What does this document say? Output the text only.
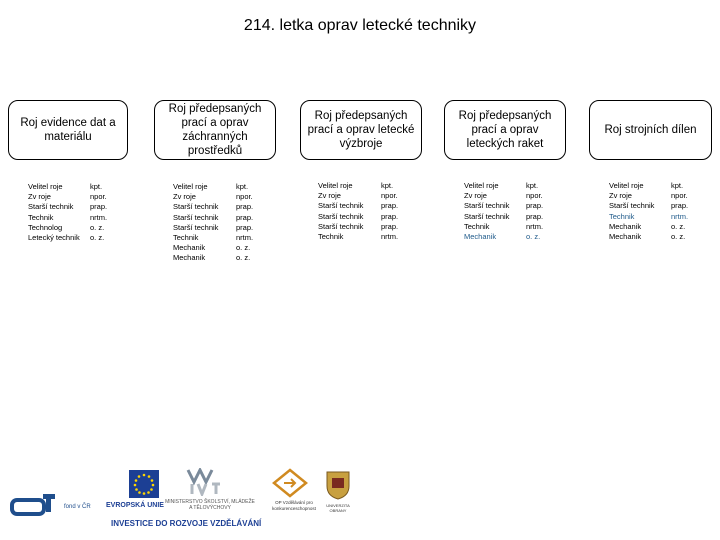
214. letka oprav letecké techniky
Roj evidence dat a materiálu
Roj předepsaných prací a oprav záchranných prostředků
Roj předepsaných prací a oprav letecké výzbroje
Roj předepsaných prací a oprav leteckých raket
Roj strojních dílen
Velitel roje
Zv roje
Starší technik
Technik
Technolog
Letecký technik
kpt.
npor.
prap.
nrtm.
o. z.
o. z.
Velitel roje
Zv roje
Starší technik
Starší technik
Starší technik
Technik
Mechanik
Mechanik
kpt.
npor.
prap.
prap.
prap.
nrtm.
o. z.
o. z.
Velitel roje
Zv roje
Starší technik
Starší technik
Starší technik
Technik
kpt.
npor.
prap.
prap.
prap.
nrtm.
Velitel roje
Zv roje
Starší technik
Starší technik
Technik
Mechanik
kpt.
npor.
prap.
prap.
nrtm.
o. z.
Velitel roje
Zv roje
Starší technik
Technik
Mechanik
Mechanik
kpt.
npor.
prap.
nrtm.
o. z.
o. z.
fond v ČR EVROPSKÁ UNIE MINISTERSTVO ŠKOLSTVÍ, MLÁDEŽE A TĚLOVÝCHOVY
OP Vzdělávání pro konkurenceschopnost	UNIVERZITA OBRANY
INVESTICE DO ROZVOJE VZDĚLÁVÁNÍ
